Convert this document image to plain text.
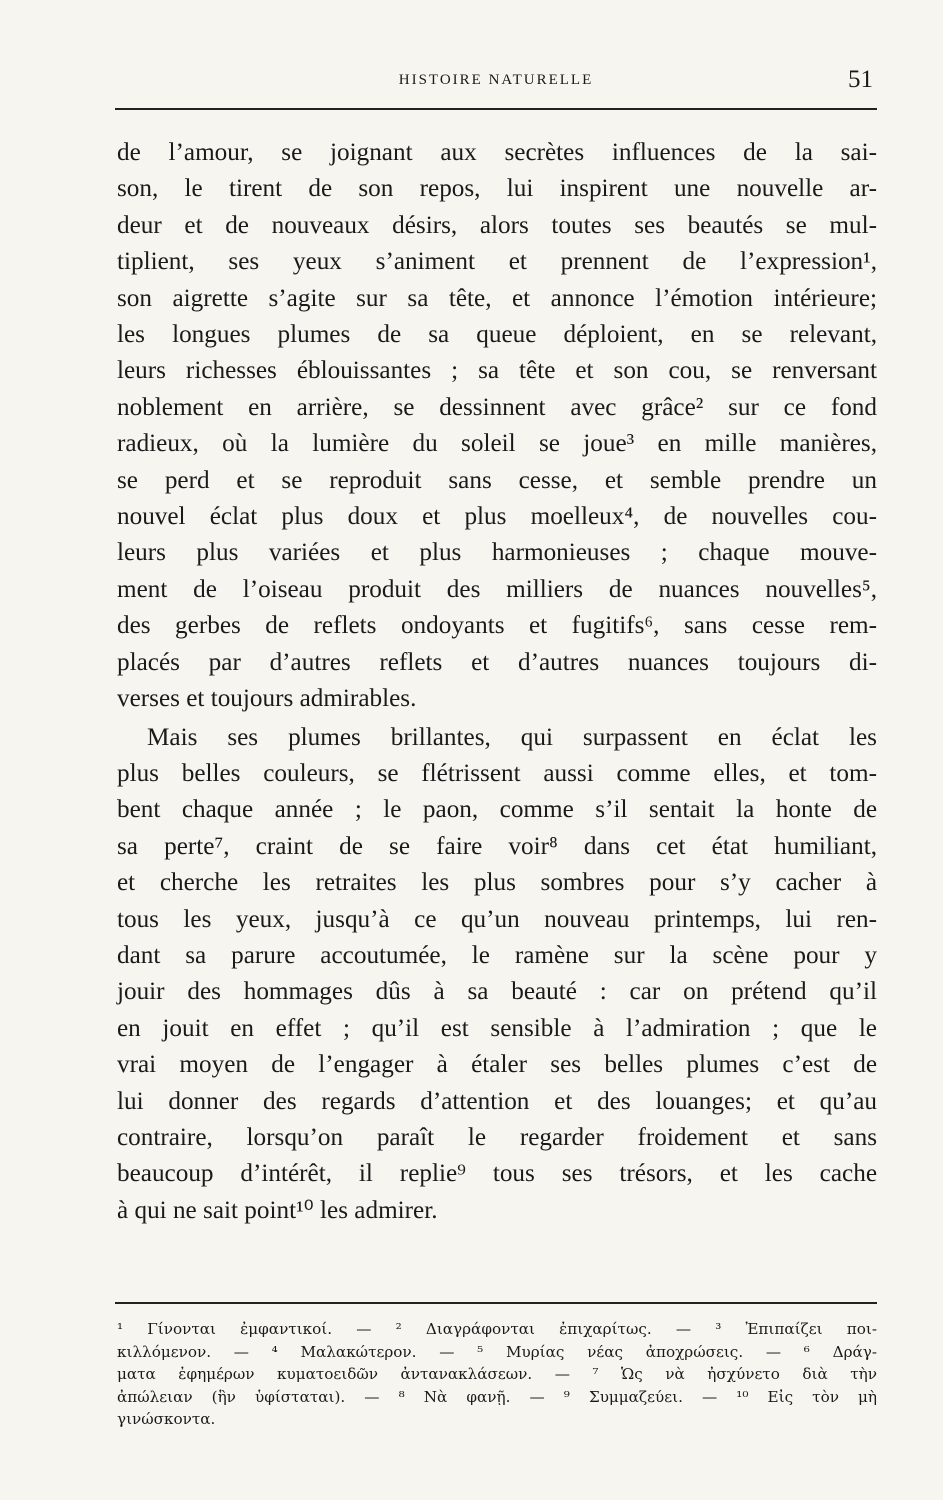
HISTOIRE NATURELLE	51

de l’amour, se joignant aux secrètes influences de la sai-
son, le tirent de son repos, lui inspirent une nouvelle ar-
deur et de nouveaux désirs, alors toutes ses beautés se mul-
tiplient, ses yeux s’animent et prennent de l’expression¹,
son aigrette s’agite sur sa tête, et annonce l’émotion intérieure;
les longues plumes de sa queue déploient, en se relevant,
leurs richesses éblouissantes ; sa tête et son cou, se renversant
noblement en arrière, se dessinnent avec grâce² sur ce fond
radieux, où la lumière du soleil se joue³ en mille manières,
se perd et se reproduit sans cesse, et semble prendre un
nouvel éclat plus doux et plus moelleux⁴, de nouvelles cou-
leurs plus variées et plus harmonieuses ; chaque mouve-
ment de l’oiseau produit des milliers de nuances nouvelles⁵,
des gerbes de reflets ondoyants et fugitifs⁶, sans cesse rem-
placés par d’autres reflets et d’autres nuances toujours di-
verses et toujours admirables.

Mais ses plumes brillantes, qui surpassent en éclat les
plus belles couleurs, se flétrissent aussi comme elles, et tom-
bent chaque année ; le paon, comme s’il sentait la honte de
sa perte⁷, craint de se faire voir⁸ dans cet état humiliant,
et cherche les retraites les plus sombres pour s’y cacher à
tous les yeux, jusqu’à ce qu’un nouveau printemps, lui ren-
dant sa parure accoutumée, le ramène sur la scène pour y
jouir des hommages dûs à sa beauté : car on prétend qu’il
en jouit en effet ; qu’il est sensible à l’admiration ; que le
vrai moyen de l’engager à étaler ses belles plumes c’est de
lui donner des regards d’attention et des louanges; et qu’au
contraire, lorsqu’on paraît le regarder froidement et sans
beaucoup d’intérêt, il replie⁹ tous ses trésors, et les cache
à qui ne sait point¹⁰ les admirer.

¹ Γίνονται ἐμφαντικοί. — ² Διαγράφονται ἐπιχαρίτως. — ³ Ἐπιπαίζει ποι-
κιλλόμενον. — ⁴ Μαλακώτερον. — ⁵ Μυρίας νέας ἀποχρώσεις. — ⁶ Δράγ-
ματα ἐφημέρων κυματοειδῶν ἀντανακλάσεων. — ⁷ Ὡς νὰ ἠσχύνετο διὰ τὴν
ἀπώλειαν (ἣν ὑφίσταται). — ⁸ Νὰ φανῇ. — ⁹ Συμμαζεύει. — ¹⁰ Εἰς τὸν μὴ
γινώσκοντα.
